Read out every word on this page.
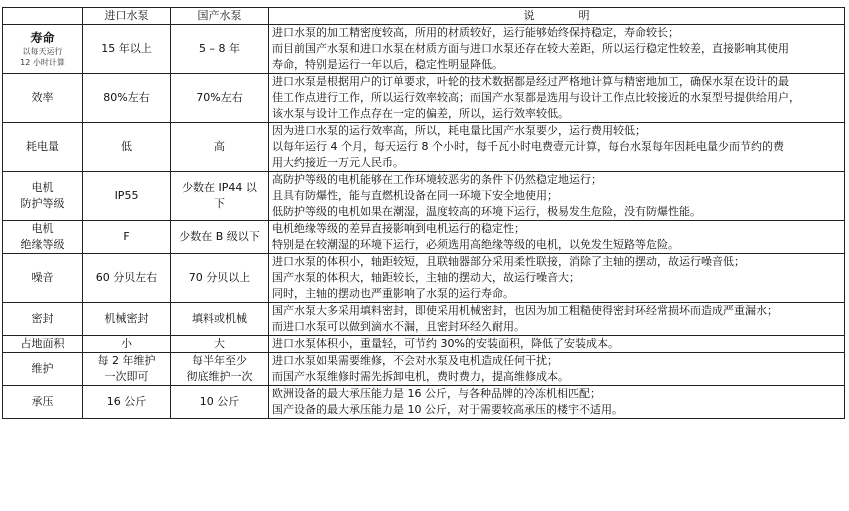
	进口水泵	国产水泵	说 明

寿命
以每天运行
12 小时计算	15 年以上	5 – 8 年	进口水泵的加工精密度较高，所用的材质较好，运行能够始终保持稳定，寿命较长；
而目前国产水泵和进口水泵在材质方面与进口水泵还存在较大差距，所以运行稳定性较差，直接影响其使用
寿命，特别是运行一年以后，稳定性明显降低。

效率	80%左右	70%左右	进口水泵是根据用户的订单要求，叶轮的技术数据都是经过严格地计算与精密地加工，确保水泵在设计的最
佳工作点进行工作，所以运行效率较高；而国产水泵都是选用与设计工作点比较接近的水泵型号提供给用户，
该水泵与设计工作点存在一定的偏差，所以，运行效率较低。

耗电量	低	高	因为进口水泵的运行效率高，所以，耗电量比国产水泵要少，运行费用较低；
以每年运行 4 个月，每天运行 8 个小时，每千瓦小时电费壹元计算，每台水泵每年因耗电量少而节约的费
用大约接近一万元人民币。

电机
防护等级	IP55	少数在 IP44 以
下	高防护等级的电机能够在工作环境较恶劣的条件下仍然稳定地运行；
且具有防爆性，能与直燃机设备在同一环境下安全地使用；
低防护等级的电机如果在潮湿，温度较高的环境下运行，极易发生危险，没有防爆性能。

电机
绝缘等级	F	少数在 B 级以下	电机绝缘等级的差异直接影响到电机运行的稳定性；
特别是在较潮湿的环境下运行，必须选用高绝缘等级的电机，以免发生短路等危险。

噪音	60 分贝左右	70 分贝以上	进口水泵的体积小，轴距较短，且联轴器部分采用柔性联接，消除了主轴的摆动，故运行噪音低；
国产水泵的体积大，轴距较长，主轴的摆动大，故运行噪音大；
同时，主轴的摆动也严重影响了水泵的运行寿命。

密封	机械密封	填料或机械	国产水泵大多采用填料密封，即使采用机械密封，也因为加工粗糙使得密封环经常损坏而造成严重漏水；
而进口水泵可以做到滴水不漏，且密封环经久耐用。

占地面积	小	大	进口水泵体积小，重量轻，可节约 30%的安装面积，降低了安装成本。

维护	每 2 年维护
一次即可	每半年至少
彻底维护一次	进口水泵如果需要维修，不会对水泵及电机造成任何干扰；
而国产水泵维修时需先拆卸电机，费时费力，提高维修成本。

承压	16 公斤	10 公斤	欧洲设备的最大承压能力是 16 公斤，与各种品牌的冷冻机相匹配；
国产设备的最大承压能力是 10 公斤，对于需要较高承压的楼宇不适用。
